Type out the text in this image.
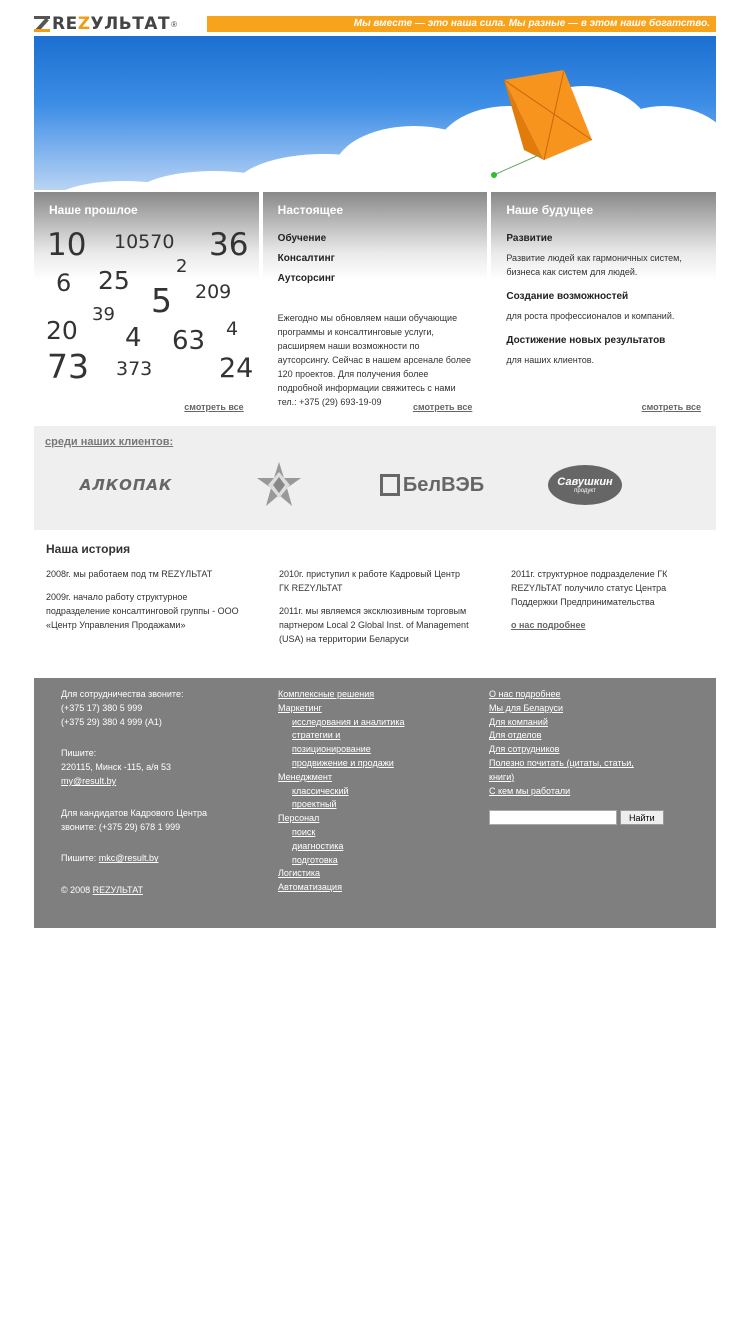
REZУЛЬТАТ ®	Мы вместе — это наша сила. Мы разные — в этом наше богатство.
Наше прошлое
10 10570 36
6 25	2
5 209
39
20 4 63 4
73 373 24
смотреть все
Настоящее
Обучение
Консалтинг
Аутсорсинг

Ежегодно мы обновляем наши обучающие программы и консалтинговые услуги, расширяем наши возможности по аутсорсингу. Сейчас в нашем арсенале более 120 проектов. Для получения более подробной информации свяжитесь с нами тел.: +375 (29) 693-19-09	смотреть все
Наше будущее
Развитие
Развитие людей как гармоничных систем, бизнеса как систем для людей.
Создание возможностей
для роста профессионалов и компаний.
Достижение новых результатов
для наших клиентов.
смотреть все
среди наших клиентов:
АЛКОПАК	БелВЭБ	Савушкин
продукт
Наша история

2008г. мы работаем под тм REZYЛЬТАТ

2009г. начало работу структурное подразделение консалтинговой группы - ООО «Центр Управления Продажами»

2010г. приступил к работе Кадровый Центр ГК REZYЛЬТАТ

2011г. мы являемся эксклюзивным торговым партнером Local 2 Global Inst. of Management (USA) на территории Беларуси

2011г. структурное подразделение ГК REZYЛЬТАТ получило статус Центра Поддержки Предпринимательства

о нас подробнее
Для сотрудничества звоните:
(+375 17) 380 5 999
(+375 29) 380 4 999 (А1)
Пишите:
220115, Минск -115, а/я 53
my@result.by
Для кандидатов Кадрового Центра
звоните: (+375 29) 678 1 999
Пишите: mkc@result.by
© 2008 REZУЛЬТАТ
Комплексные решения
Маркетинг
исследования и аналитика
стратегии и
позиционирование
продвижение и продажи
Менеджмент
классический
проектный
Персонал
поиск
диагностика
подготовка
Логистика
Автоматизация
О нас подробнее
Мы для Беларуси
Для компаний
Для отделов
Для сотрудников
Полезно почитать (цитаты, статьи,
книги)
С кем мы работали
Найти
